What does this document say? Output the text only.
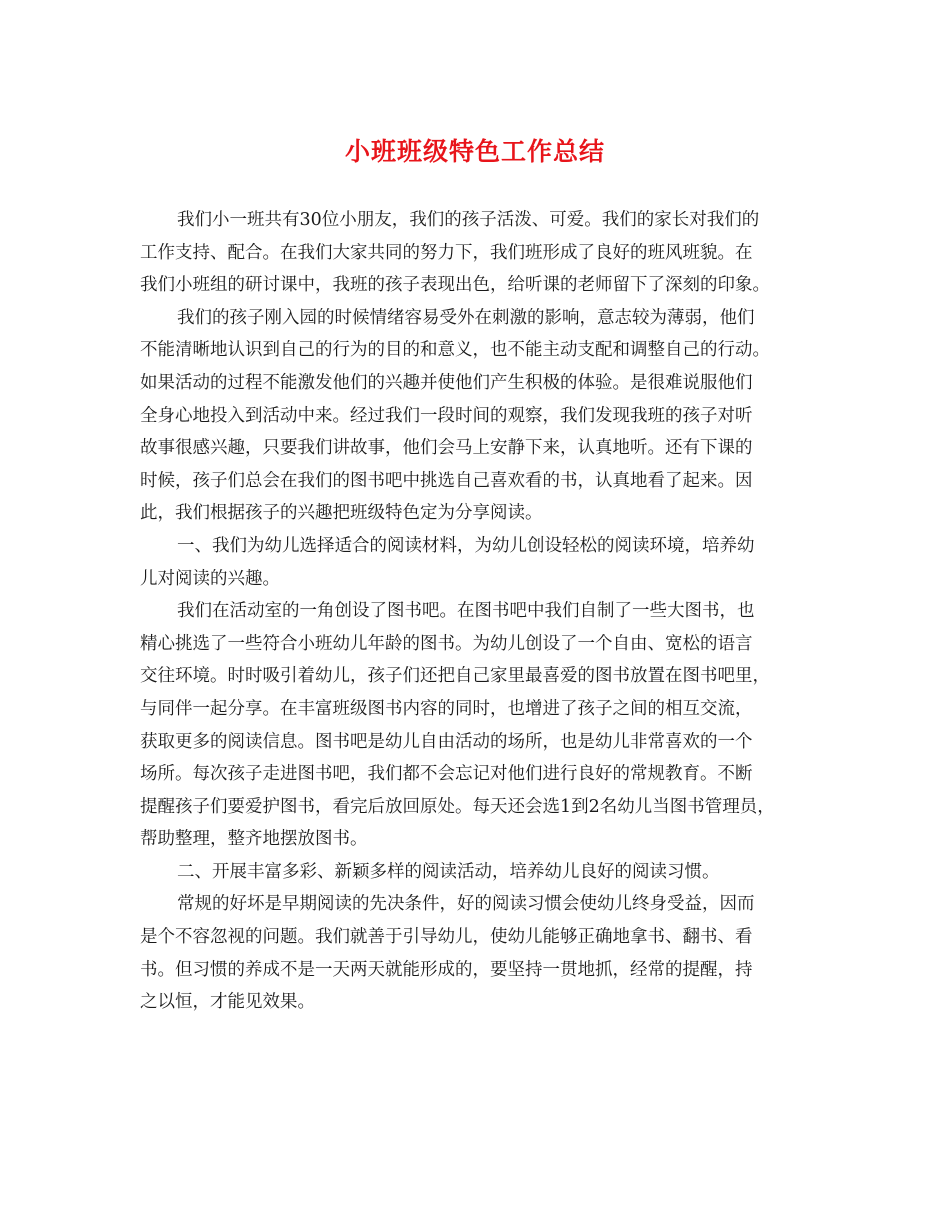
小班班级特色工作总结
我们小一班共有30位小朋友，我们的孩子活泼、可爱。我们的家长对我们的
工作支持、配合。在我们大家共同的努力下，我们班形成了良好的班风班貌。在
我们小班组的研讨课中，我班的孩子表现出色，给听课的老师留下了深刻的印象。
我们的孩子刚入园的时候情绪容易受外在刺激的影响，意志较为薄弱，他们
不能清晰地认识到自己的行为的目的和意义，也不能主动支配和调整自己的行动。
如果活动的过程不能激发他们的兴趣并使他们产生积极的体验。是很难说服他们
全身心地投入到活动中来。经过我们一段时间的观察，我们发现我班的孩子对听
故事很感兴趣，只要我们讲故事，他们会马上安静下来，认真地听。还有下课的
时候，孩子们总会在我们的图书吧中挑选自己喜欢看的书，认真地看了起来。因
此，我们根据孩子的兴趣把班级特色定为分享阅读。
一、我们为幼儿选择适合的阅读材料，为幼儿创设轻松的阅读环境，培养幼
儿对阅读的兴趣。
我们在活动室的一角创设了图书吧。在图书吧中我们自制了一些大图书，也
精心挑选了一些符合小班幼儿年龄的图书。为幼儿创设了一个自由、宽松的语言
交往环境。时时吸引着幼儿，孩子们还把自己家里最喜爱的图书放置在图书吧里，
与同伴一起分享。在丰富班级图书内容的同时，也增进了孩子之间的相互交流，
获取更多的阅读信息。图书吧是幼儿自由活动的场所，也是幼儿非常喜欢的一个
场所。每次孩子走进图书吧，我们都不会忘记对他们进行良好的常规教育。不断
提醒孩子们要爱护图书，看完后放回原处。每天还会选1到2名幼儿当图书管理员，
帮助整理，整齐地摆放图书。
二、开展丰富多彩、新颖多样的阅读活动，培养幼儿良好的阅读习惯。
常规的好坏是早期阅读的先决条件，好的阅读习惯会使幼儿终身受益，因而
是个不容忽视的问题。我们就善于引导幼儿，使幼儿能够正确地拿书、翻书、看
书。但习惯的养成不是一天两天就能形成的，要坚持一贯地抓，经常的提醒，持
之以恒，才能见效果。
